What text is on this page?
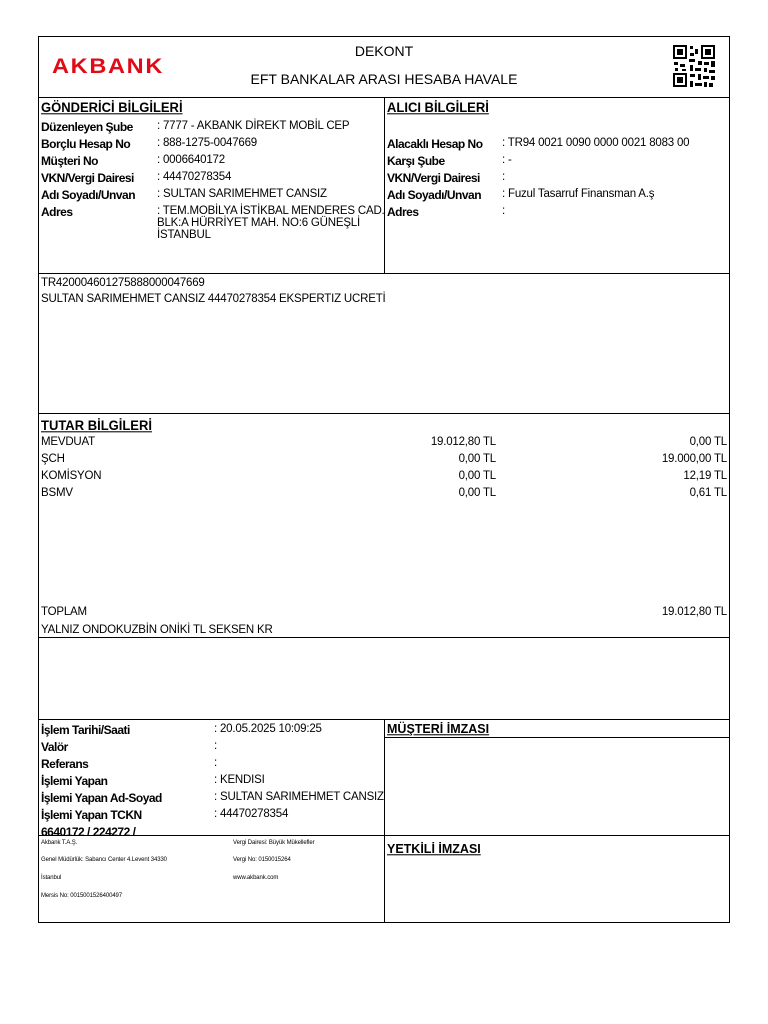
AKBANK
DEKONT
EFT BANKALAR ARASI HESABA HAVALE
GÖNDERİCİ BİLGİLERİ
Düzenleyen Şube : 7777 - AKBANK DİREKT MOBİL CEP
Borçlu Hesap No : 888-1275-0047669
Müşteri No	: 0006640172
VKN/Vergi Dairesi : 44470278354
Adı Soyadı/Unvan : SULTAN SARIMEHMET CANSIZ
Adres	: TEM.MOBİLYA İSTİKBAL MENDERES CAD.
BLK:A HÜRRİYET MAH. NO:6 GÜNEŞLİ
İSTANBUL
ALICI BİLGİLERİ
Alacaklı Hesap No : TR94 0021 0090 0000 0021 8083 00
Karşı Şube	: -
VKN/Vergi Dairesi :
Adı Soyadı/Unvan : Fuzul Tasarruf Finansman A.ş
Adres	:
TR420004601275888000047669
SULTAN SARIMEHMET CANSIZ 44470278354 EKSPERTIZ UCRETİ
TUTAR BİLGİLERİ
MEVDUAT	19.012,80 TL	0,00 TL
ŞCH	0,00 TL	19.000,00 TL
KOMİSYON	0,00 TL	12,19 TL
BSMV	0,00 TL	0,61 TL
TOPLAM	19.012,80 TL
YALNIZ ONDOKUZBİN ONİKİ TL SEKSEN KR
İşlem Tarihi/Saati	: 20.05.2025 10:09:25
Valör	:
Referans	:
İşlemi Yapan	: KENDISI
İşlemi Yapan Ad-Soyad	: SULTAN SARIMEHMET CANSIZ
İşlemi Yapan TCKN	: 44470278354
6640172 / 224272 /
MÜŞTERİ İMZASI
YETKİLİ İMZASI
Akbank T.A.Ş.
Genel Müdürlük: Sabancı Center 4.Levent 34330
İstanbul
Mersis No: 0015001526400497
Vergi Dairesi: Büyük Mükellefler
Vergi No: 0150015264
www.akbank.com
